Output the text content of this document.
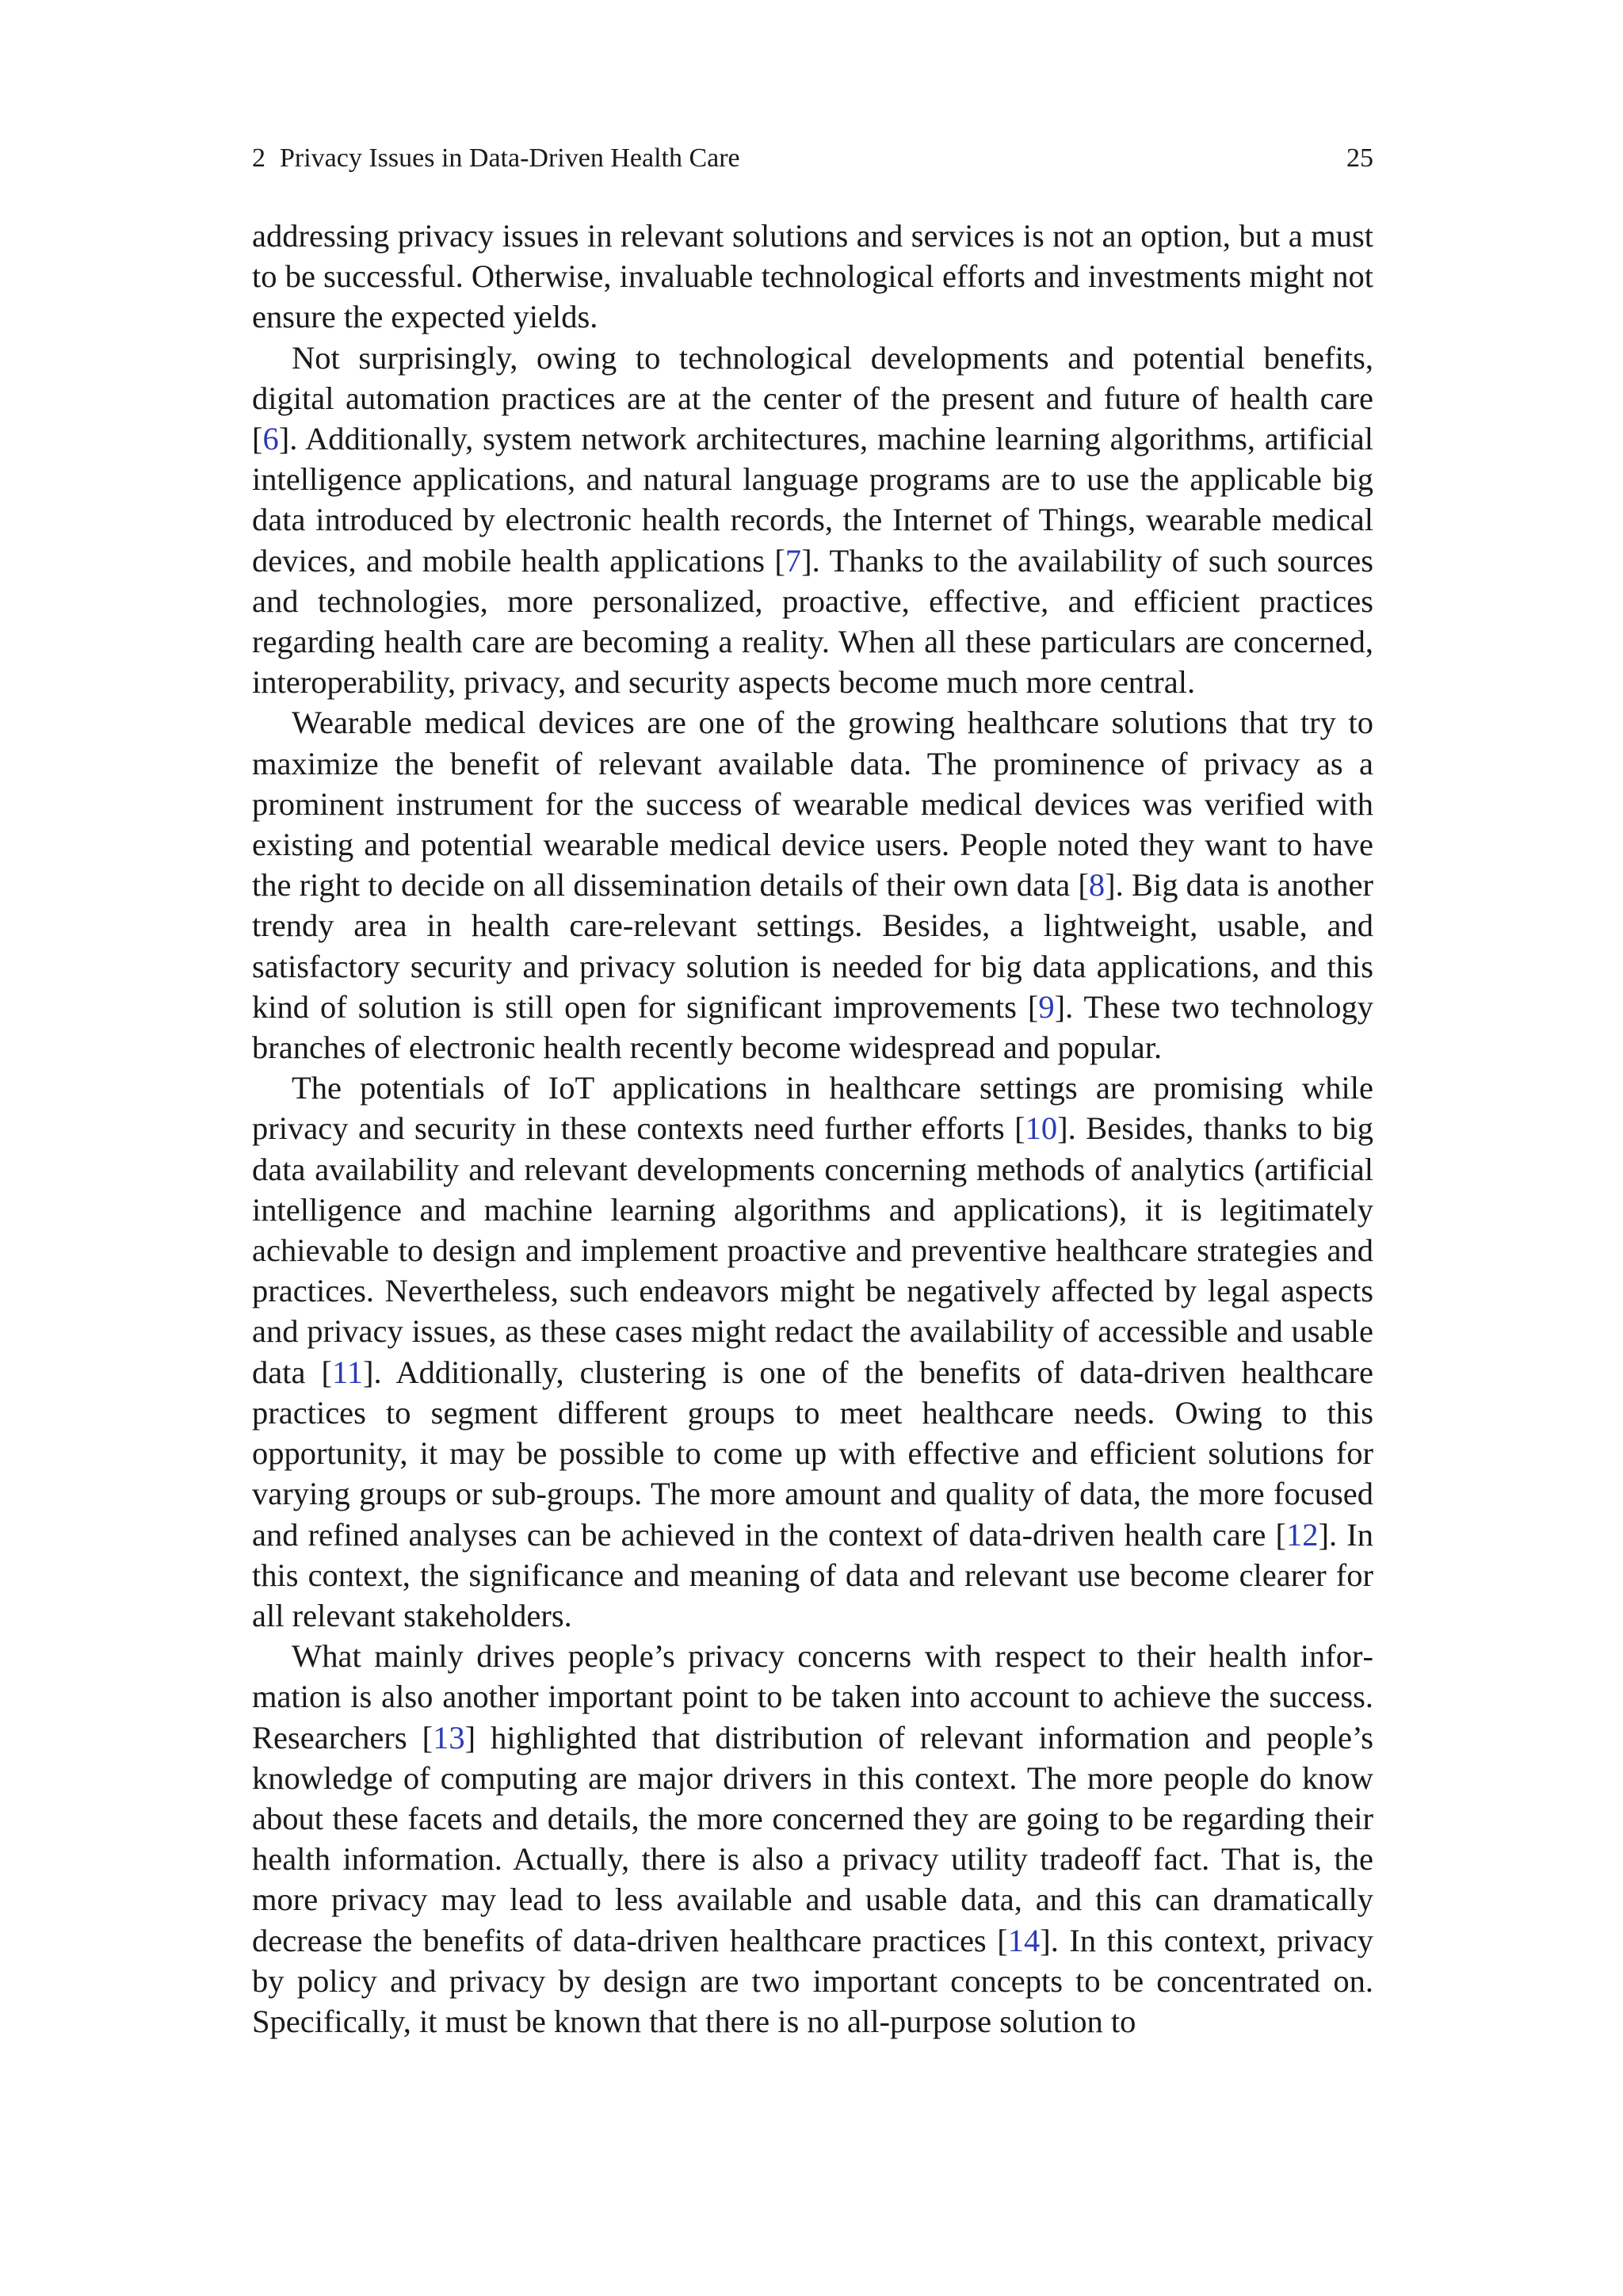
2 Privacy Issues in Data-Driven Health Care	25

addressing privacy issues in relevant solutions and services is not an option, but a must to be successful. Otherwise, invaluable technological efforts and investments might not ensure the expected yields.

Not surprisingly, owing to technological developments and potential benefits, digital automation practices are at the center of the present and future of health care [6]. Additionally, system network architectures, machine learning algorithms, artificial intelligence applications, and natural language programs are to use the applicable big data introduced by electronic health records, the Internet of Things, wearable medical devices, and mobile health applications [7]. Thanks to the availability of such sources and technologies, more personalized, proactive, effective, and efficient practices regarding health care are becoming a reality. When all these particulars are concerned, interoperability, privacy, and security aspects become much more central.

Wearable medical devices are one of the growing healthcare solutions that try to maximize the benefit of relevant available data. The prominence of privacy as a prominent instrument for the success of wearable medical devices was verified with existing and potential wearable medical device users. People noted they want to have the right to decide on all dissemination details of their own data [8]. Big data is another trendy area in health care-relevant settings. Besides, a lightweight, usable, and satisfactory security and privacy solution is needed for big data applications, and this kind of solution is still open for significant improvements [9]. These two technology branches of electronic health recently become widespread and popular.

The potentials of IoT applications in healthcare settings are promising while privacy and security in these contexts need further efforts [10]. Besides, thanks to big data availability and relevant developments concerning methods of analytics (artificial intelligence and machine learning algorithms and applications), it is legitimately achievable to design and implement proactive and preventive healthcare strategies and practices. Nevertheless, such endeavors might be negatively affected by legal aspects and privacy issues, as these cases might redact the availability of accessible and usable data [11]. Additionally, clustering is one of the benefits of data-driven healthcare practices to segment different groups to meet healthcare needs. Owing to this opportunity, it may be possible to come up with effective and efficient solutions for varying groups or sub-groups. The more amount and quality of data, the more focused and refined analyses can be achieved in the context of data-driven health care [12]. In this context, the significance and meaning of data and relevant use become clearer for all relevant stakeholders.

What mainly drives people’s privacy concerns with respect to their health information is also another important point to be taken into account to achieve the success. Researchers [13] highlighted that distribution of relevant information and people’s knowledge of computing are major drivers in this context. The more people do know about these facets and details, the more concerned they are going to be regarding their health information. Actually, there is also a privacy utility tradeoff fact. That is, the more privacy may lead to less available and usable data, and this can dramatically decrease the benefits of data-driven healthcare practices [14]. In this context, privacy by policy and privacy by design are two important concepts to be concentrated on. Specifically, it must be known that there is no all-purpose solution to
